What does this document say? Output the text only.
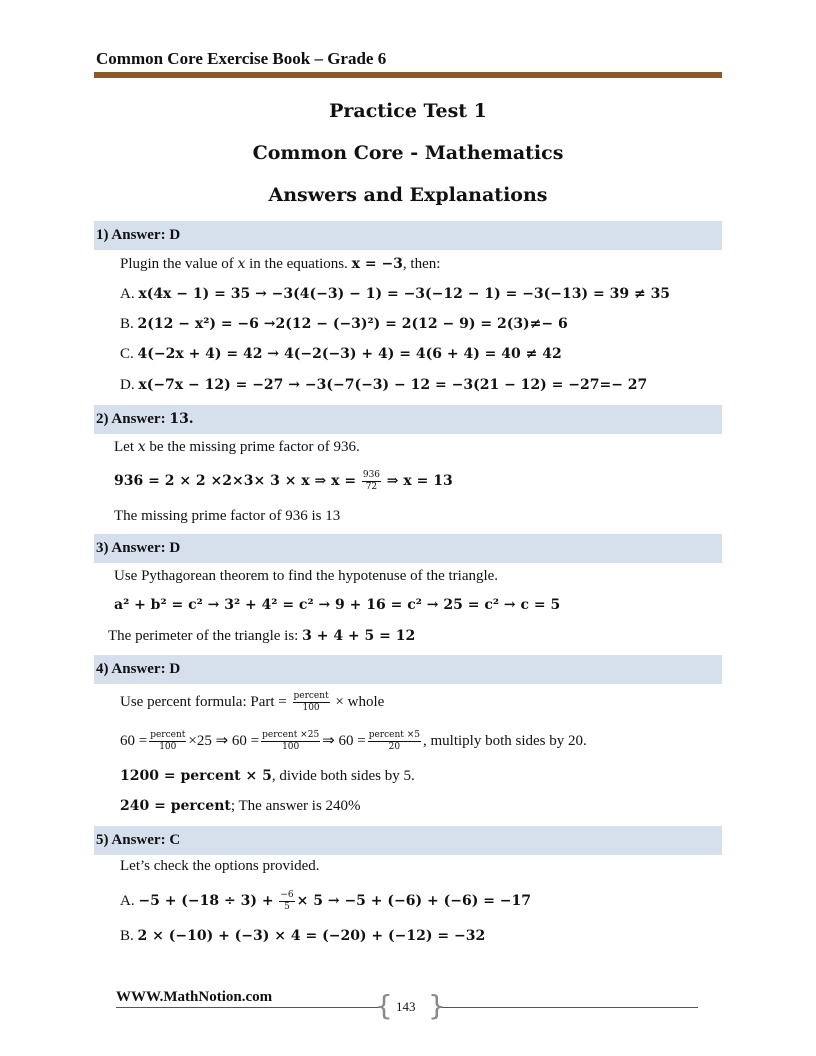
Common Core Exercise Book – Grade 6
Practice Test 1
Common Core - Mathematics
Answers and Explanations
1) Answer: D
Plugin the value of x in the equations. x = −3, then:
A. x(4x − 1) = 35 → −3(4(−3) − 1) = −3(−12 − 1) = −3(−13) = 39 ≠ 35
B. 2(12 − x²) = −6 →2(12 − (−3)²) = 2(12 − 9) = 2(3)≠− 6
C. 4(−2x + 4) = 42 → 4(−2(−3) + 4) = 4(6 + 4) = 40 ≠ 42
D. x(−7x − 12) = −27 → −3(−7(−3) − 12 = −3(21 − 12) = −27=− 27
2) Answer: 13.
Let x be the missing prime factor of 936.
936 = 2 × 2 ×2×3× 3 × x ⇒ $x = \frac{936}{72}$ ⇒ x = 13
The missing prime factor of 936 is 13
3) Answer: D
Use Pythagorean theorem to find the hypotenuse of the triangle.
a² + b² = c² → 3² + 4² = c² → 9 + 16 = c² → 25 = c² → c = 5
The perimeter of the triangle is: 3 + 4 + 5 = 12
4) Answer: D
Use percent formula: Part = $\frac{\text{percent}}{100}$ × whole
$60 = \frac{\text{percent}}{100} \times 25$ ⇒ $60 = \frac{\text{percent ×25}}{100}$ ⇒ $60 = \frac{\text{percent ×5}}{20}$ , multiply both sides by 20.
1200 = percent × 5, divide both sides by 5.
240 = percent; The answer is 240%
5) Answer: C
Let’s check the options provided.
A. $-5 + (-18 \div 3) + \frac{-6}{5} \times 5 \to -5 + (-6) + (-6) = -17$
B. 2 × (−10) + (−3) × 4 = (−20) + (−12) = −32
WWW.MathNotion.com	{ 143 }
